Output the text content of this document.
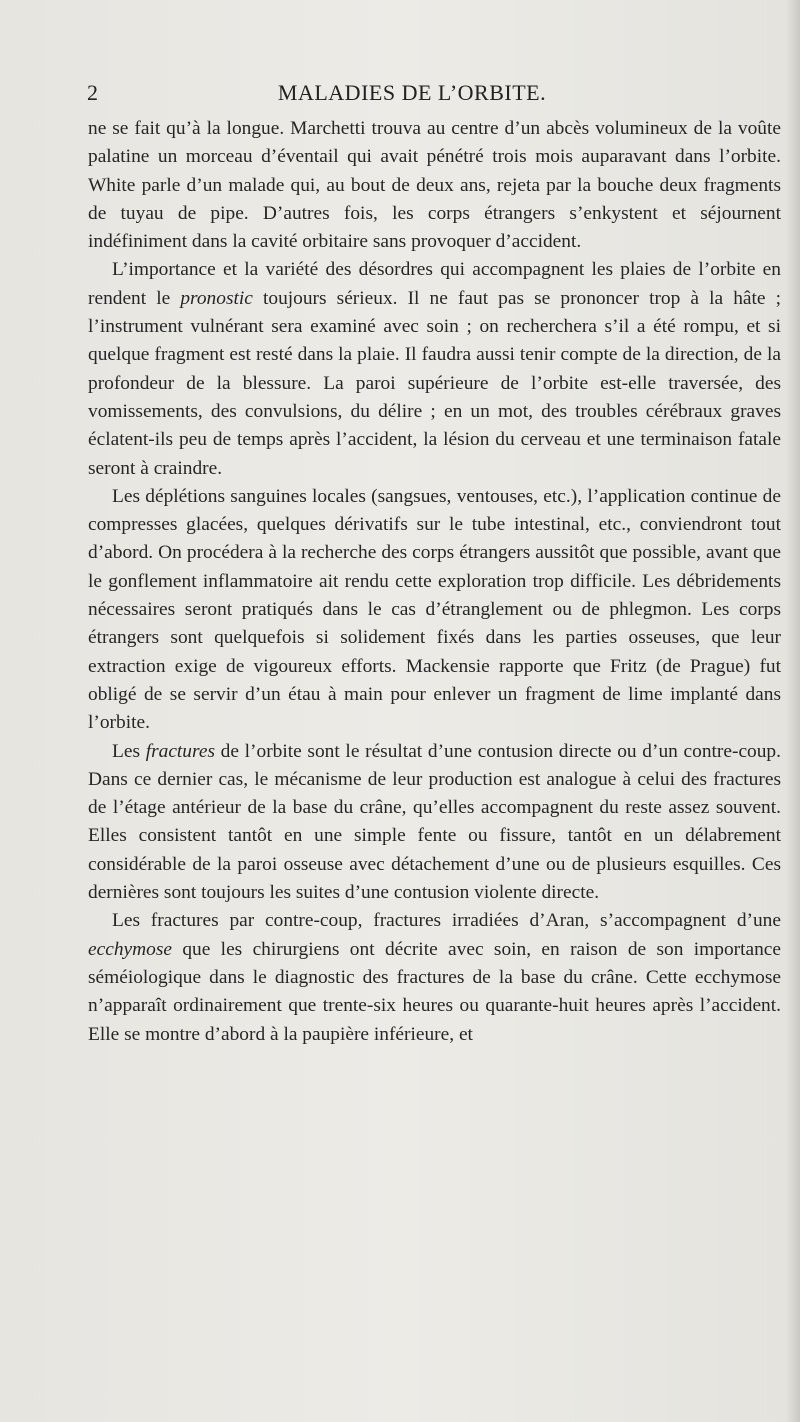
2	MALADIES DE L’ORBITE.

ne se fait qu’à la longue. Marchetti trouva au centre d’un abcès volumineux de la voûte palatine un morceau d’éventail qui avait pénétré trois mois auparavant dans l’orbite. White parle d’un malade qui, au bout de deux ans, rejeta par la bouche deux fragments de tuyau de pipe. D’autres fois, les corps étrangers s’enkystent et séjournent indéfiniment dans la cavité orbitaire sans provoquer d’accident.

L’importance et la variété des désordres qui accompagnent les plaies de l’orbite en rendent le pronostic toujours sérieux. Il ne faut pas se prononcer trop à la hâte ; l’instrument vulnérant sera examiné avec soin ; on recherchera s’il a été rompu, et si quelque fragment est resté dans la plaie. Il faudra aussi tenir compte de la direction, de la profondeur de la blessure. La paroi supérieure de l’orbite est-elle traversée, des vomissements, des convulsions, du délire ; en un mot, des troubles cérébraux graves éclatent-ils peu de temps après l’accident, la lésion du cerveau et une terminaison fatale seront à craindre.

Les déplétions sanguines locales (sangsues, ventouses, etc.), l’application continue de compresses glacées, quelques dérivatifs sur le tube intestinal, etc., conviendront tout d’abord. On procédera à la recherche des corps étrangers aussitôt que possible, avant que le gonflement inflammatoire ait rendu cette exploration trop difficile. Les débridements nécessaires seront pratiqués dans le cas d’étranglement ou de phlegmon. Les corps étrangers sont quelquefois si solidement fixés dans les parties osseuses, que leur extraction exige de vigoureux efforts. Mackensie rapporte que Fritz (de Prague) fut obligé de se servir d’un étau à main pour enlever un fragment de lime implanté dans l’orbite.

Les fractures de l’orbite sont le résultat d’une contusion directe ou d’un contre-coup. Dans ce dernier cas, le mécanisme de leur production est analogue à celui des fractures de l’étage antérieur de la base du crâne, qu’elles accompagnent du reste assez souvent. Elles consistent tantôt en une simple fente ou fissure, tantôt en un délabrement considérable de la paroi osseuse avec détachement d’une ou de plusieurs esquilles. Ces dernières sont toujours les suites d’une contusion violente directe.

Les fractures par contre-coup, fractures irradiées d’Aran, s’accompagnent d’une ecchymose que les chirurgiens ont décrite avec soin, en raison de son importance séméiologique dans le diagnostic des fractures de la base du crâne. Cette ecchymose n’apparaît ordinairement que trente-six heures ou quarante-huit heures après l’accident. Elle se montre d’abord à la paupière inférieure, et
